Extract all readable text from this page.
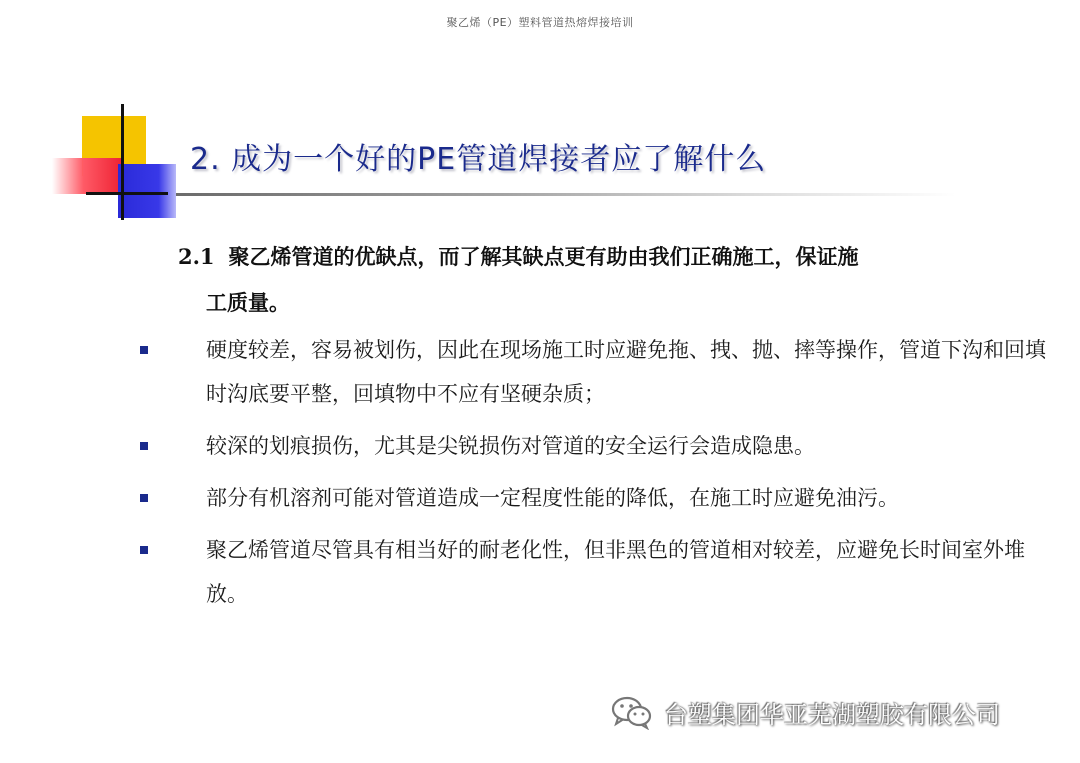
聚乙烯（PE）塑料管道热熔焊接培训
2. 成为一个好的PE管道焊接者应了解什么
2.1 聚乙烯管道的优缺点，而了解其缺点更有助由我们正确施工，保证施
工质量。
硬度较差，容易被划伤，因此在现场施工时应避免拖、拽、抛、摔等操作，管道下沟和回填时沟底要平整，回填物中不应有坚硬杂质；
较深的划痕损伤，尤其是尖锐损伤对管道的安全运行会造成隐患。
部分有机溶剂可能对管道造成一定程度性能的降低，在施工时应避免油污。
聚乙烯管道尽管具有相当好的耐老化性，但非黑色的管道相对较差，应避免长时间室外堆放。
台塑集团华亚芜湖塑胶有限公司
